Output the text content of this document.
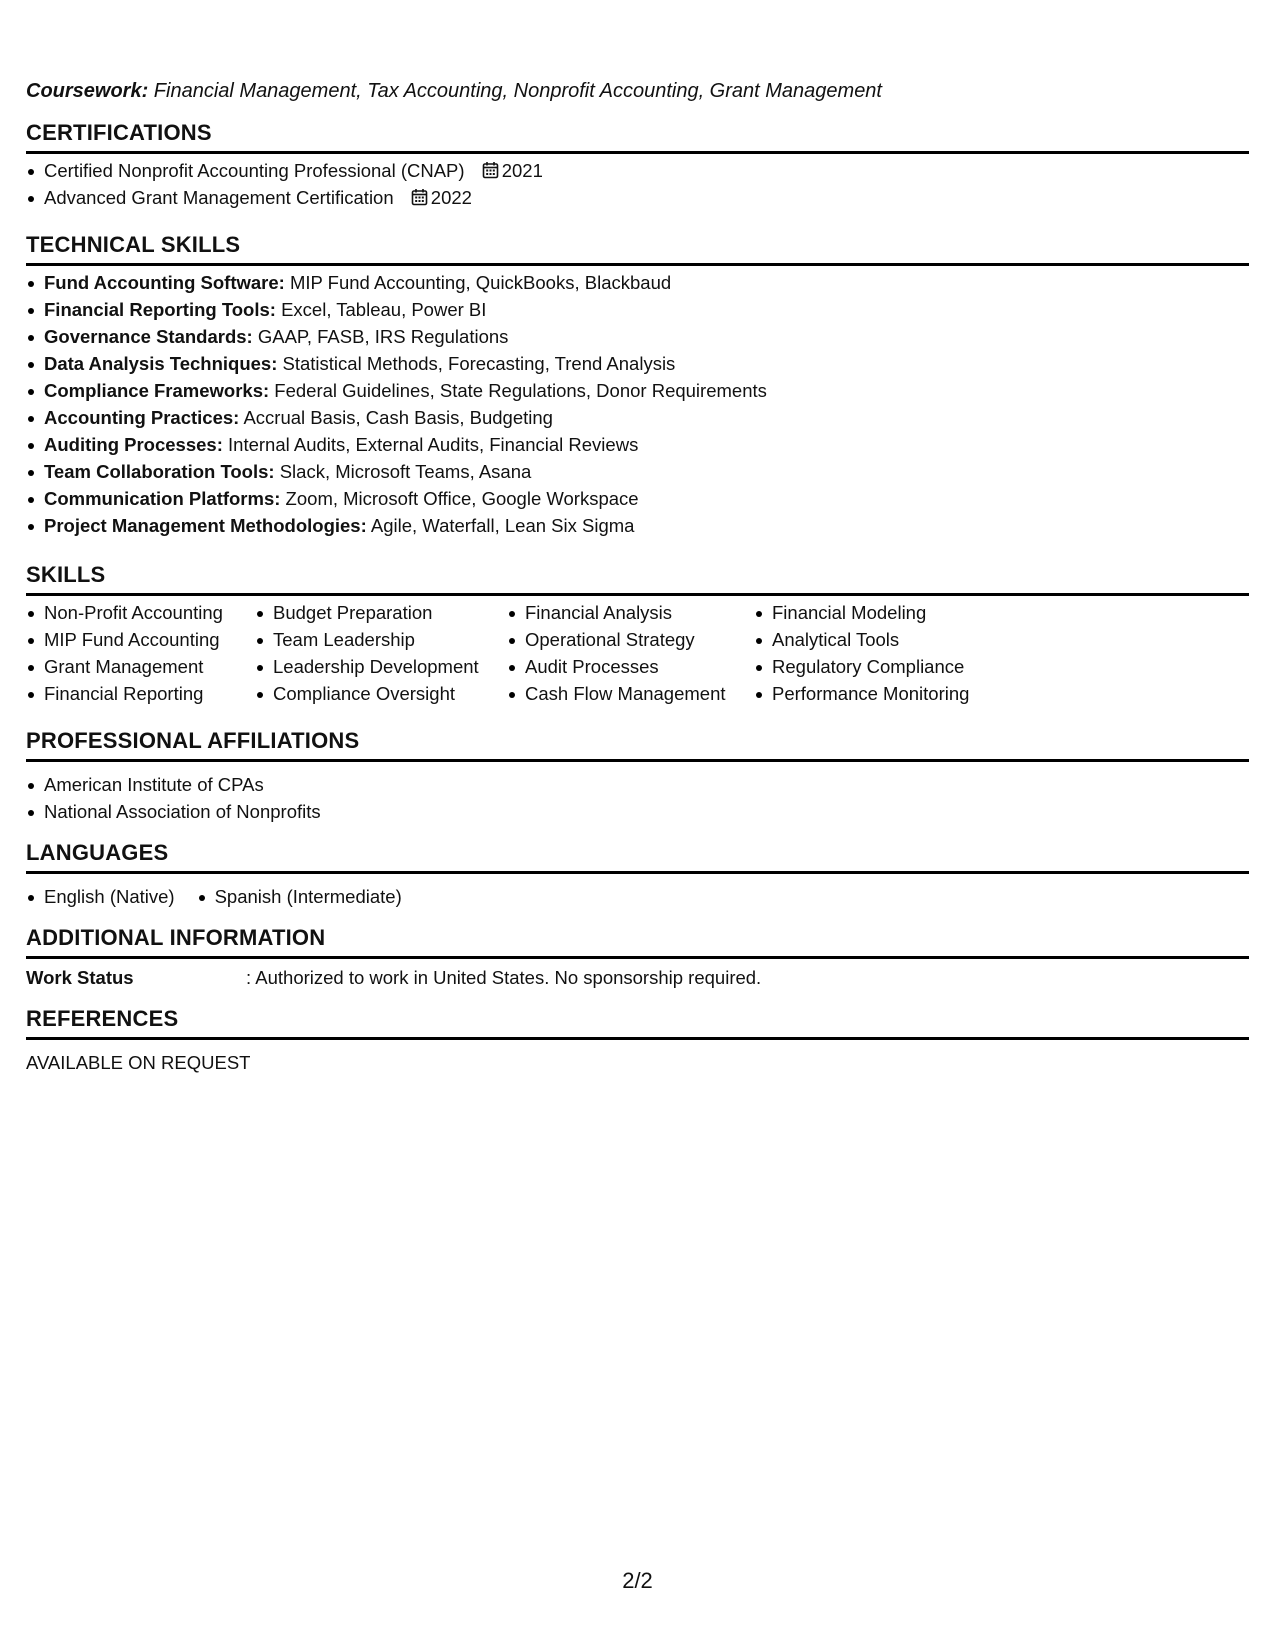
Coursework: Financial Management, Tax Accounting, Nonprofit Accounting, Grant Management
CERTIFICATIONS
Certified Nonprofit Accounting Professional (CNAP) 2021
Advanced Grant Management Certification 2022
TECHNICAL SKILLS
Fund Accounting Software: MIP Fund Accounting, QuickBooks, Blackbaud
Financial Reporting Tools: Excel, Tableau, Power BI
Governance Standards: GAAP, FASB, IRS Regulations
Data Analysis Techniques: Statistical Methods, Forecasting, Trend Analysis
Compliance Frameworks: Federal Guidelines, State Regulations, Donor Requirements
Accounting Practices: Accrual Basis, Cash Basis, Budgeting
Auditing Processes: Internal Audits, External Audits, Financial Reviews
Team Collaboration Tools: Slack, Microsoft Teams, Asana
Communication Platforms: Zoom, Microsoft Office, Google Workspace
Project Management Methodologies: Agile, Waterfall, Lean Six Sigma
SKILLS
Non-Profit Accounting
MIP Fund Accounting
Grant Management
Financial Reporting
Budget Preparation
Team Leadership
Leadership Development
Compliance Oversight
Financial Analysis
Operational Strategy
Audit Processes
Cash Flow Management
Financial Modeling
Analytical Tools
Regulatory Compliance
Performance Monitoring
PROFESSIONAL AFFILIATIONS
American Institute of CPAs
National Association of Nonprofits
LANGUAGES
English (Native)	Spanish (Intermediate)
ADDITIONAL INFORMATION
Work Status	: Authorized to work in United States. No sponsorship required.
REFERENCES
AVAILABLE ON REQUEST
2/2
